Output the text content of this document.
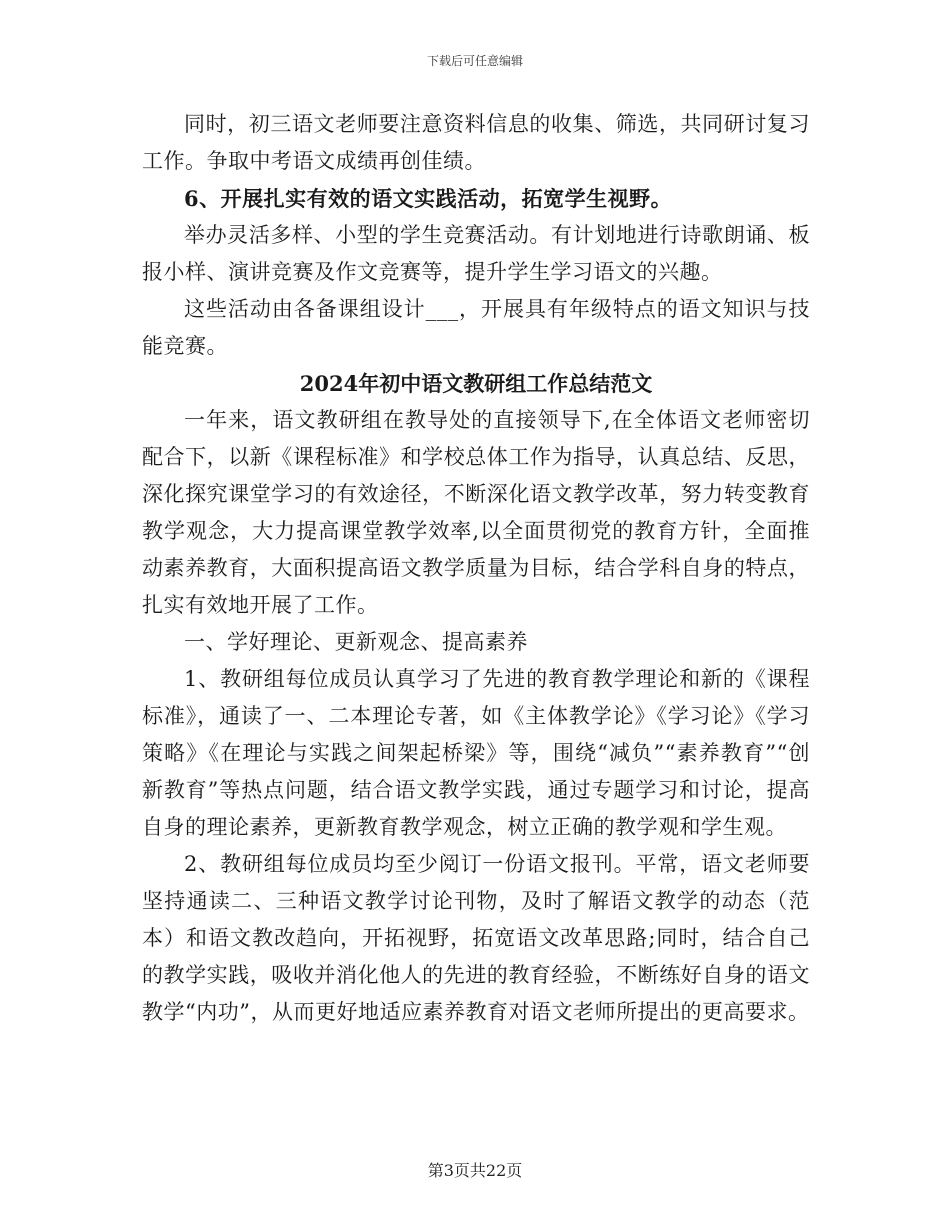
下载后可任意编辑

同时，初三语文老师要注意资料信息的收集、筛选，共同研讨复习工作。争取中考语文成绩再创佳绩。

6、开展扎实有效的语文实践活动，拓宽学生视野。

举办灵活多样、小型的学生竞赛活动。有计划地进行诗歌朗诵、板报小样、演讲竞赛及作文竞赛等，提升学生学习语文的兴趣。

这些活动由各备课组设计___，开展具有年级特点的语文知识与技能竞赛。

2024年初中语文教研组工作总结范文

一年来，语文教研组在教导处的直接领导下,在全体语文老师密切配合下，以新《课程标准》和学校总体工作为指导，认真总结、反思，深化探究课堂学习的有效途径，不断深化语文教学改革，努力转变教育教学观念，大力提高课堂教学效率,以全面贯彻党的教育方针，全面推动素养教育，大面积提高语文教学质量为目标，结合学科自身的特点，扎实有效地开展了工作。

一、学好理论、更新观念、提高素养

1、教研组每位成员认真学习了先进的教育教学理论和新的《课程标准》，通读了一、二本理论专著，如《主体教学论》《学习论》《学习策略》《在理论与实践之间架起桥梁》等，围绕“减负”“素养教育”“创新教育”等热点问题，结合语文教学实践，通过专题学习和讨论，提高自身的理论素养，更新教育教学观念，树立正确的教学观和学生观。

2、教研组每位成员均至少阅订一份语文报刊。平常，语文老师要坚持通读二、三种语文教学讨论刊物，及时了解语文教学的动态（范本）和语文教改趋向，开拓视野，拓宽语文改革思路;同时，结合自己的教学实践，吸收并消化他人的先进的教育经验，不断练好自身的语文教学“内功”，从而更好地适应素养教育对语文老师所提出的更高要求。

第3页共22页
